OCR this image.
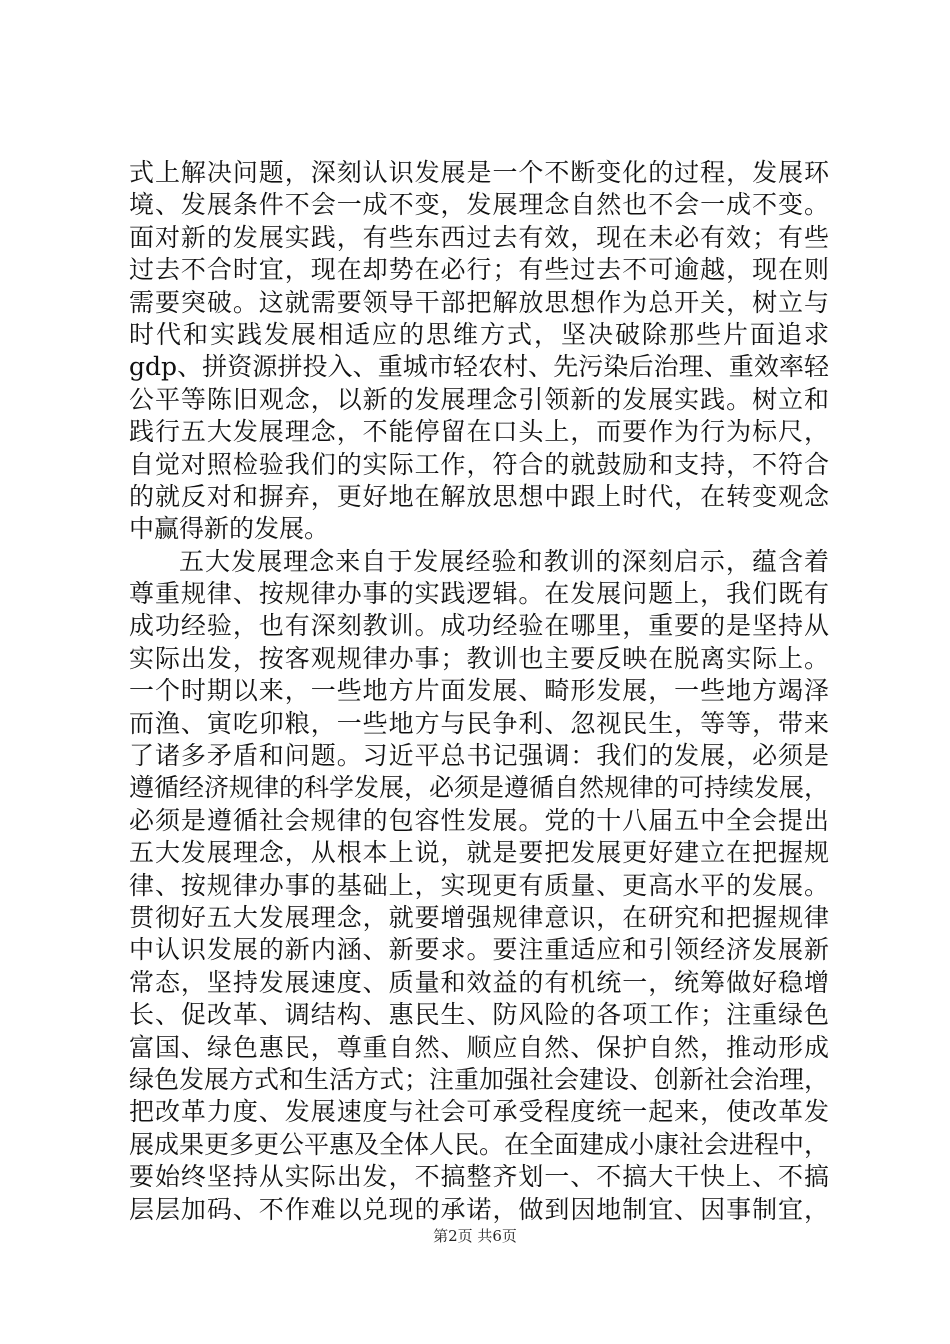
式上解决问题，深刻认识发展是一个不断变化的过程，发展环
境、发展条件不会一成不变，发展理念自然也不会一成不变。
面对新的发展实践，有些东西过去有效，现在未必有效；有些
过去不合时宜，现在却势在必行；有些过去不可逾越，现在则
需要突破。这就需要领导干部把解放思想作为总开关，树立与
时代和实践发展相适应的思维方式，坚决破除那些片面追求
gdp、拼资源拼投入、重城市轻农村、先污染后治理、重效率轻
公平等陈旧观念，以新的发展理念引领新的发展实践。树立和
践行五大发展理念，不能停留在口头上，而要作为行为标尺，
自觉对照检验我们的实际工作，符合的就鼓励和支持，不符合
的就反对和摒弃，更好地在解放思想中跟上时代，在转变观念
中赢得新的发展。
五大发展理念来自于发展经验和教训的深刻启示，蕴含着
尊重规律、按规律办事的实践逻辑。在发展问题上，我们既有
成功经验，也有深刻教训。成功经验在哪里，重要的是坚持从
实际出发，按客观规律办事；教训也主要反映在脱离实际上。
一个时期以来，一些地方片面发展、畸形发展，一些地方竭泽
而渔、寅吃卯粮，一些地方与民争利、忽视民生，等等，带来
了诸多矛盾和问题。习近平总书记强调：我们的发展，必须是
遵循经济规律的科学发展，必须是遵循自然规律的可持续发展，
必须是遵循社会规律的包容性发展。党的十八届五中全会提出
五大发展理念，从根本上说，就是要把发展更好建立在把握规
律、按规律办事的基础上，实现更有质量、更高水平的发展。
贯彻好五大发展理念，就要增强规律意识，在研究和把握规律
中认识发展的新内涵、新要求。要注重适应和引领经济发展新
常态，坚持发展速度、质量和效益的有机统一，统筹做好稳增
长、促改革、调结构、惠民生、防风险的各项工作；注重绿色
富国、绿色惠民，尊重自然、顺应自然、保护自然，推动形成
绿色发展方式和生活方式；注重加强社会建设、创新社会治理，
把改革力度、发展速度与社会可承受程度统一起来，使改革发
展成果更多更公平惠及全体人民。在全面建成小康社会进程中，
要始终坚持从实际出发，不搞整齐划一、不搞大干快上、不搞
层层加码、不作难以兑现的承诺，做到因地制宜、因事制宜，
第2页 共6页
